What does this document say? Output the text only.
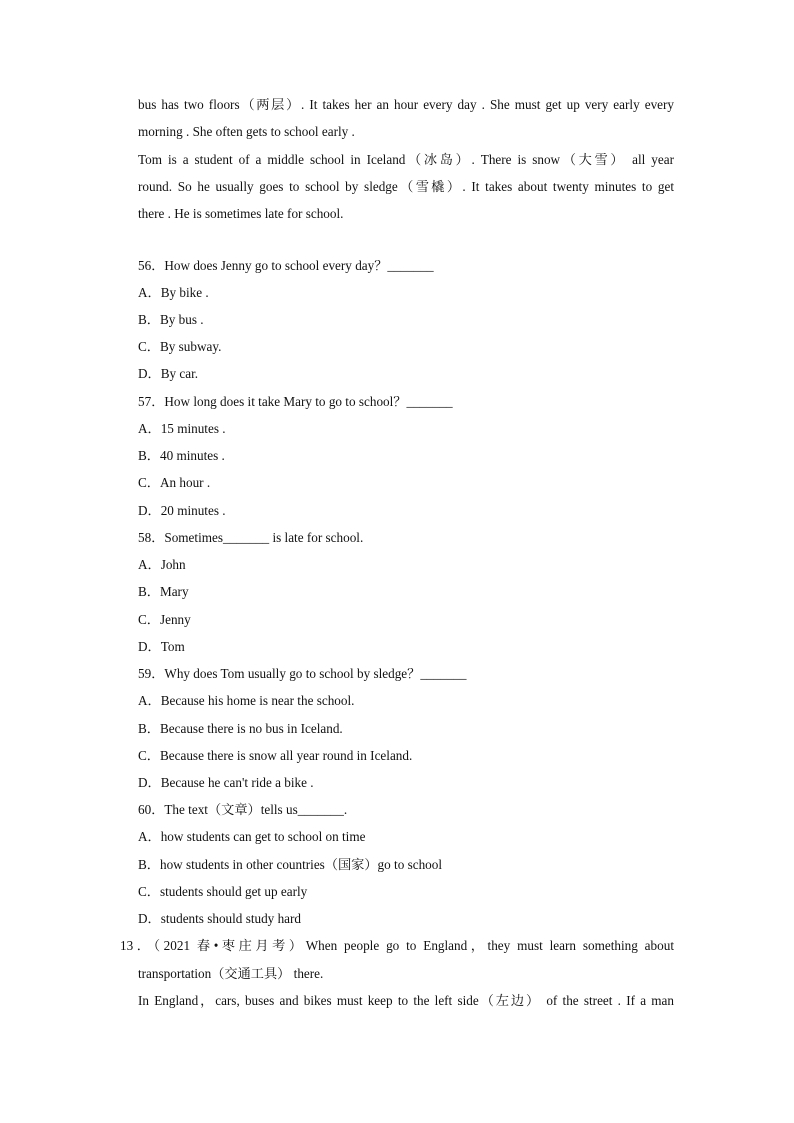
bus has two floors（两层）. It takes her an hour every day . She must get up very early every
morning . She often gets to school early .
Tom is a student of a middle school in Iceland（冰岛）. There is snow（大雪） all year
round. So he usually goes to school by sledge（雪橇）. It takes about twenty minutes to get
there . He is sometimes late for school.
56．How does Jenny go to school every day？_______
A．By bike .
B．By bus .
C．By subway.
D．By car.
57．How long does it take Mary to go to school？_______
A．15 minutes .
B．40 minutes .
C．An hour .
D．20 minutes .
58．Sometimes_______ is late for school.
A．John
B．Mary
C．Jenny
D．Tom
59．Why does Tom usually go to school by sledge？_______
A．Because his home is near the school.
B．Because there is no bus in Iceland.
C．Because there is snow all year round in Iceland.
D．Because he can't ride a bike .
60．The text（文章）tells us_______.
A．how students can get to school on time
B．how students in other countries（国家）go to school
C．students should get up early
D．students should study hard
13．（2021 春•枣庄月考）When people go to England，they must learn something about
transportation（交通工具） there.
In England，cars, buses and bikes must keep to the left side（左边） of the street . If a man
